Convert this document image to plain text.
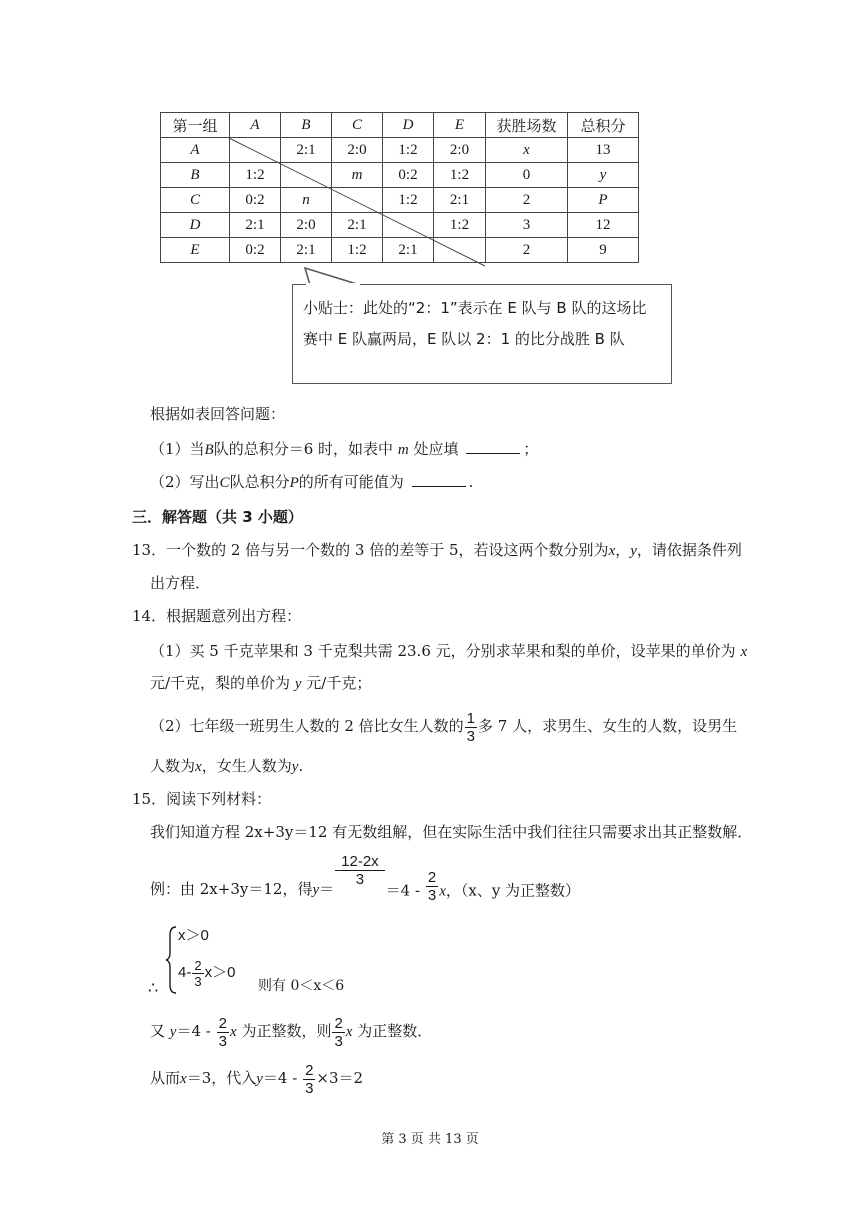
第一组	A	B	C	D	E	获胜场数	总积分
A		2:1	2:0	1:2	2:0	x	13
B	1:2		m	0:2	1:2	0	y
C	0:2	n		1:2	2:1	2	P
D	2:1	2:0	2:1		1:2	3	12
E	0:2	2:1	1:2	2:1		2	9
小贴士：此处的“2：1”表示在 E 队与 B 队的这场比
赛中 E 队赢两局，E 队以 2：1 的比分战胜 B 队
根据如表回答问题：
（1）当B队的总积分＝6 时，如表中 m 处应填	；
（2）写出C队总积分P的所有可能值为	.
三．解答题（共 3 小题）
13．一个数的 2 倍与另一个数的 3 倍的差等于 5，若设这两个数分别为x，y，请依据条件列
出方程．
14．根据题意列出方程：
（1）买 5 千克苹果和 3 千克梨共需 23.6 元，分别求苹果和梨的单价，设苹果的单价为 x
元/千克，梨的单价为 y 元/千克；
（2）七年级一班男生人数的 2 倍比女生人数的 $\frac{1}{3}$ 多 7 人，求男生、女生的人数，设男生
人数为x，女生人数为y.
15．阅读下列材料：
我们知道方程 2x+3y＝12 有无数组解，但在实际生活中我们往往只需要求出其正整数解．
例：由 2x+3y＝12，得y＝
$\frac{12-2x}{3}$
$=4 - \frac{2}{3}$ x，（x、y 为正整数）
∴
x＞0
$4- \frac{2}{3} x>0$
则有 0＜x＜6
又 $y=4 - \frac{2}{3}$ x 为正整数，则 $\frac{2}{3}$ x 为正整数．
从而x＝3，代入$y=4 - \frac{2}{3} \times 3=2$
第 3 页 共 13 页
